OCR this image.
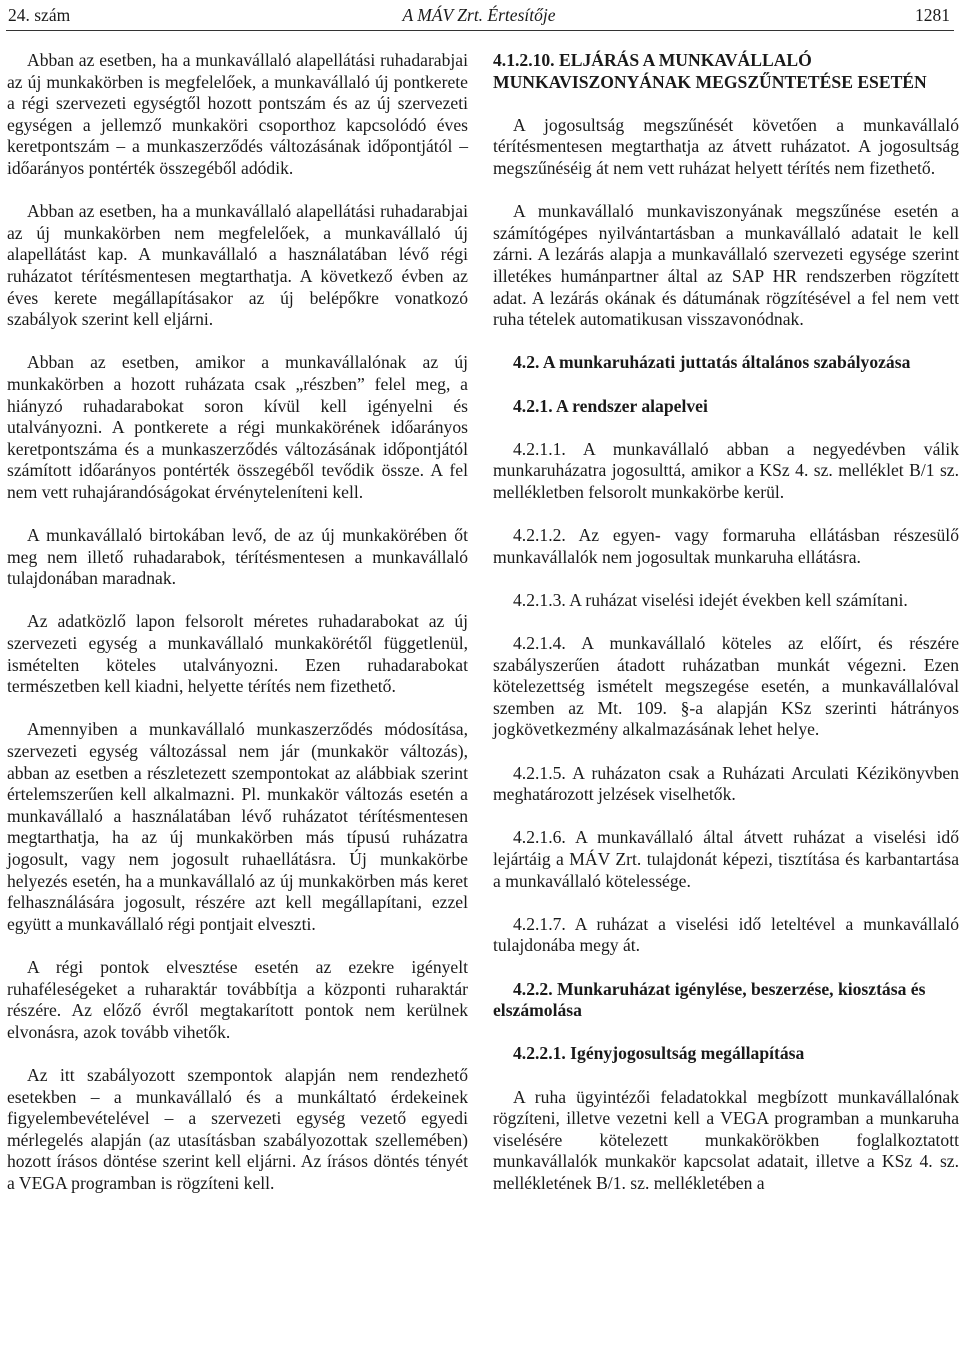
24. szám	A MÁV Zrt. Értesítője	1281

Abban az esetben, ha a munkavállaló alapellátási ruhadarabjai az új munkakörben is megfelelőek, a munkavállaló új pontkerete a régi szervezeti egységtől hozott pontszám és az új szervezeti egységen a jellemző munkaköri csoporthoz kapcsolódó éves keretpontszám – a munkaszerződés változásának időpontjától – időarányos pontérték összegéből adódik.

Abban az esetben, ha a munkavállaló alapellátási ruhadarabjai az új munkakörben nem megfelelőek, a munkavállaló új alapellátást kap. A munkavállaló a használatában lévő régi ruházatot térítésmentesen megtarthatja. A következő évben az éves kerete megállapításakor az új belépőkre vonatkozó szabályok szerint kell eljárni.

Abban az esetben, amikor a munkavállalónak az új munkakörben a hozott ruházata csak „részben” felel meg, a hiányzó ruhadarabokat soron kívül kell igényelni és utalványozni. A pontkerete a régi munkakörének időarányos keretpontszáma és a munkaszerződés változásának időpontjától számított időarányos pontérték összegéből tevődik össze. A fel nem vett ruhajárandóságokat érvényteleníteni kell.

A munkavállaló birtokában levő, de az új munkakörében őt meg nem illető ruhadarabok, térítésmentesen a munkavállaló tulajdonában maradnak.

Az adatközlő lapon felsorolt méretes ruhadarabokat az új szervezeti egység a munkavállaló munkakörétől függetlenül, ismételten köteles utalványozni. Ezen ruhadarabokat természetben kell kiadni, helyette térítés nem fizethető.

Amennyiben a munkavállaló munkaszerződés módosítása, szervezeti egység változással nem jár (munkakör változás), abban az esetben a részletezett szempontokat az alábbiak szerint értelemszerűen kell alkalmazni. Pl. munkakör változás esetén a munkavállaló a használatában lévő ruházatot térítésmentesen megtarthatja, ha az új munkakörben más típusú ruházatra jogosult, vagy nem jogosult ruhaellátásra. Új munkakörbe helyezés esetén, ha a munkavállaló az új munkakörben más keret felhasználására jogosult, részére azt kell megállapítani, ezzel együtt a munkavállaló régi pontjait elveszti.

A régi pontok elvesztése esetén az ezekre igényelt ruhaféleségeket a ruharaktár továbbítja a központi ruharaktár részére. Az előző évről megtakarított pontok nem kerülnek elvonásra, azok tovább vihetők.

Az itt szabályozott szempontok alapján nem rendezhető esetekben – a munkavállaló és a munkáltató érdekeinek figyelembevételével – a szervezeti egység vezető egyedi mérlegelés alapján (az utasításban szabályozottak szellemében) hozott írásos döntése szerint kell eljárni. Az írásos döntés tényét a VEGA programban is rögzíteni kell.

4.1.2.10. ELJÁRÁS A MUNKAVÁLLALÓ MUNKAVISZONYÁNAK MEGSZŰNTETÉSE ESETÉN

A jogosultság megszűnését követően a munkavállaló térítésmentesen megtarthatja az átvett ruházatot. A jogosultság megszűnéséig át nem vett ruházat helyett térítés nem fizethető.

A munkavállaló munkaviszonyának megszűnése esetén a számítógépes nyilvántartásban a munkavállaló adatait le kell zárni. A lezárás alapja a munkavállaló szervezeti egysége szerint illetékes humánpartner által az SAP HR rendszerben rögzített adat. A lezárás okának és dátumának rögzítésével a fel nem vett ruha tételek automatikusan visszavonódnak.

4.2. A munkaruházati juttatás általános szabályozása
4.2.1. A rendszer alapelvei

4.2.1.1. A munkavállaló abban a negyedévben válik munkaruházatra jogosulttá, amikor a KSz 4. sz. melléklet B/1 sz. mellékletben felsorolt munkakörbe kerül.

4.2.1.2. Az egyen- vagy formaruha ellátásban részesülő munkavállalók nem jogosultak munkaruha ellátásra.

4.2.1.3. A ruházat viselési idejét években kell számítani.

4.2.1.4. A munkavállaló köteles az előírt, és részére szabályszerűen átadott ruházatban munkát végezni. Ezen kötelezettség ismételt megszegése esetén, a munkavállalóval szemben az Mt. 109. §-a alapján KSz szerinti hátrányos jogkövetkezmény alkalmazásának lehet helye.

4.2.1.5. A ruházaton csak a Ruházati Arculati Kézikönyvben meghatározott jelzések viselhetők.

4.2.1.6. A munkavállaló által átvett ruházat a viselési idő lejártáig a MÁV Zrt. tulajdonát képezi, tisztítása és karbantartása a munkavállaló kötelessége.

4.2.1.7. A ruházat a viselési idő leteltével a munkavállaló tulajdonába megy át.

4.2.2. Munkaruházat igénylése, beszerzése, kiosztása és elszámolása
4.2.2.1. Igényjogosultság megállapítása

A ruha ügyintézői feladatokkal megbízott munkavállalónak rögzíteni, illetve vezetni kell a VEGA programban a munkaruha viselésére kötelezett munkakörökben foglalkoztatott munkavállalók munkakör kapcsolat adatait, illetve a KSz 4. sz. mellékletének B/1. sz. mellékletében a
